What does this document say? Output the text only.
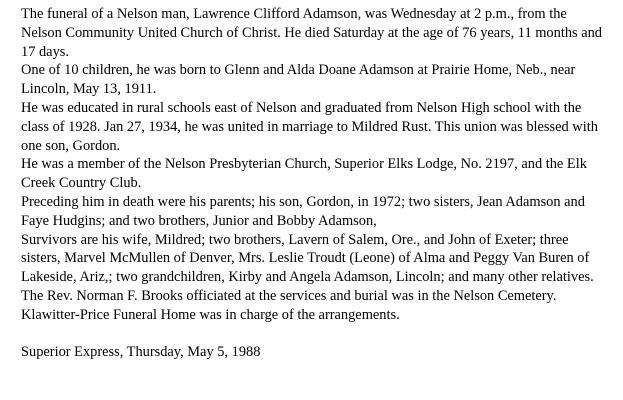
The funeral of a Nelson man, Lawrence Clifford Adamson, was Wednesday at 2 p.m., from the Nelson Community United Church of Christ. He died Saturday at the age of 76 years, 11 months and 17 days.

One of 10 children, he was born to Glenn and Alda Doane Adamson at Prairie Home, Neb., near Lincoln, May 13, 1911.

He was educated in rural schools east of Nelson and graduated from Nelson High school with the class of 1928. Jan 27, 1934, he was united in marriage to Mildred Rust. This union was blessed with one son, Gordon.

He was a member of the Nelson Presbyterian Church, Superior Elks Lodge, No. 2197, and the Elk Creek Country Club.

Preceding him in death were his parents; his son, Gordon, in 1972; two sisters, Jean Adamson and Faye Hudgins; and two brothers, Junior and Bobby Adamson,

Survivors are his wife, Mildred; two brothers, Lavern of Salem, Ore., and John of Exeter; three sisters, Marvel McMullen of Denver, Mrs. Leslie Troudt (Leone) of Alma and Peggy Van Buren of Lakeside, Ariz,; two grandchildren, Kirby and Angela Adamson, Lincoln; and many other relatives.

The Rev. Norman F. Brooks officiated at the services and burial was in the Nelson Cemetery.

Klawitter-Price Funeral Home was in charge of the arrangements.

Superior Express, Thursday, May 5, 1988
